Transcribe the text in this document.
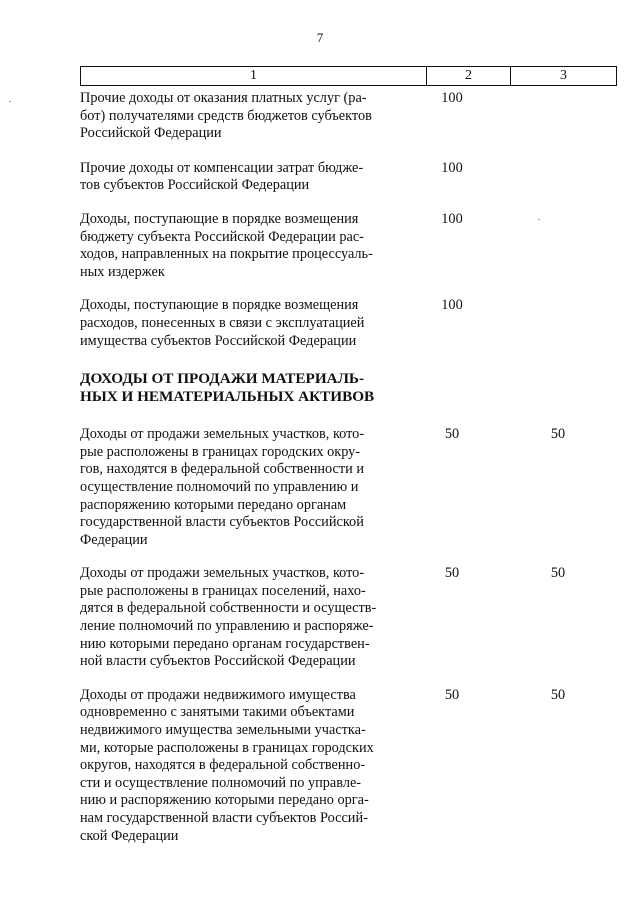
7
1	2	3
Прочие доходы от оказания платных услуг (ра-
бот) получателями средств бюджетов субъектов
Российской Федерации
100
Прочие доходы от компенсации затрат бюдже-
тов субъектов Российской Федерации
100
Доходы, поступающие в порядке возмещения
бюджету субъекта Российской Федерации рас-
ходов, направленных на покрытие процессуаль-
ных издержек
100
Доходы, поступающие в порядке возмещения
расходов, понесенных в связи с эксплуатацией
имущества субъектов Российской Федерации
100
ДОХОДЫ ОТ ПРОДАЖИ МАТЕРИАЛЬ-
НЫХ И НЕМАТЕРИАЛЬНЫХ АКТИВОВ
Доходы от продажи земельных участков, кото-
рые расположены в границах городских окру-
гов, находятся в федеральной собственности и
осуществление полномочий по управлению и
распоряжению которыми передано органам
государственной власти субъектов Российской
Федерации
50	50
Доходы от продажи земельных участков, кото-
рые расположены в границах поселений, нахо-
дятся в федеральной собственности и осуществ-
ление полномочий по управлению и распоряже-
нию которыми передано органам государствен-
ной власти субъектов Российской Федерации
50	50
Доходы от продажи недвижимого имущества
одновременно с занятыми такими объектами
недвижимого имущества земельными участка-
ми, которые расположены в границах городских
округов, находятся в федеральной собственно-
сти и осуществление полномочий по управле-
нию и распоряжению которыми передано орга-
нам государственной власти субъектов Россий-
ской Федерации
50	50
